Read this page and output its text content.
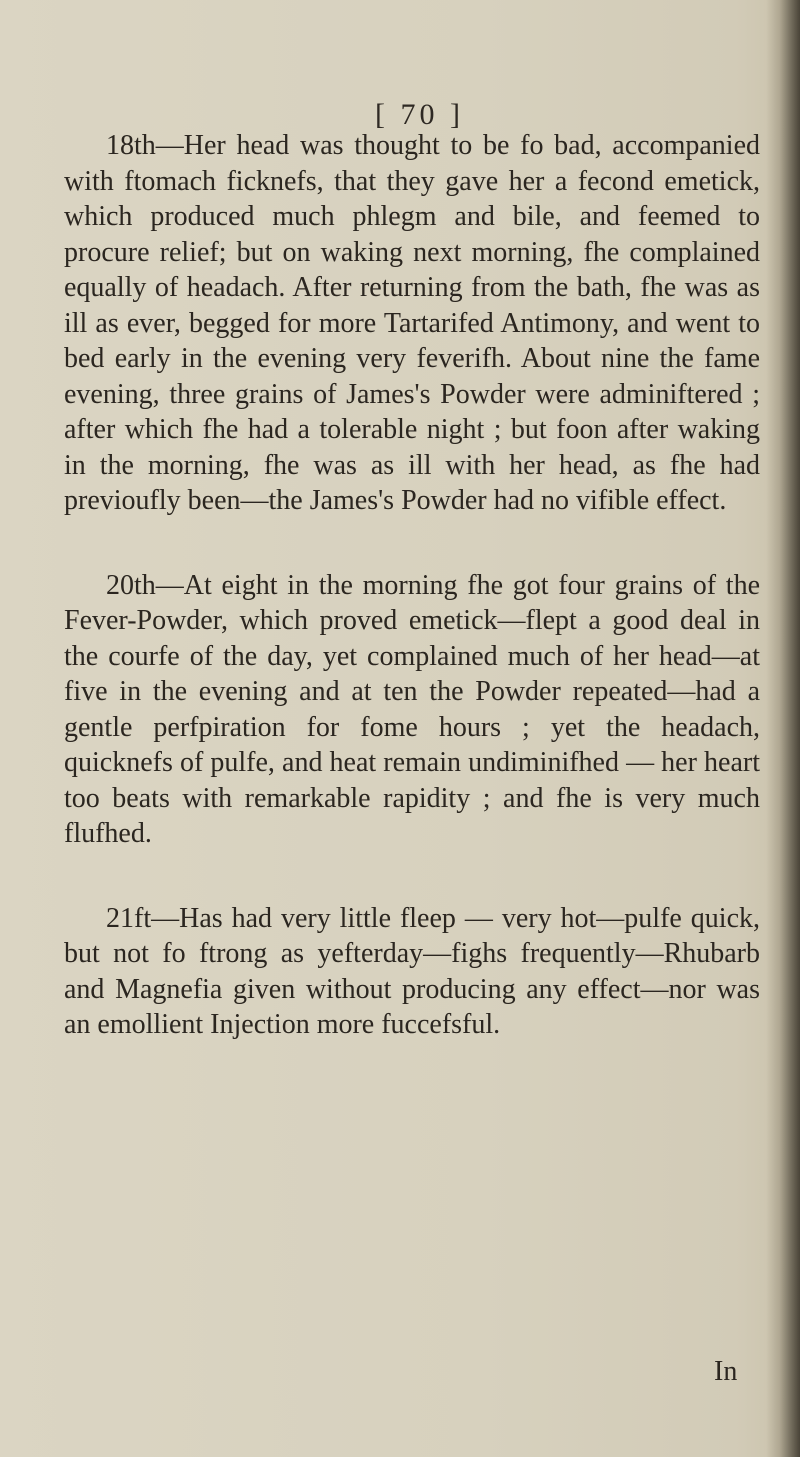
[ 70 ]

18th—Her head was thought to be fo bad, accompanied with ftomach ficknefs, that they gave her a fecond emetick, which produced much phlegm and bile, and feemed to procure relief; but on waking next morning, fhe complained equally of headach. After returning from the bath, fhe was as ill as ever, begged for more Tartarifed Antimony, and went to bed early in the evening very feverifh. About nine the fame evening, three grains of James's Powder were adminiftered ; after which fhe had a tolerable night ; but foon after waking in the morning, fhe was as ill with her head, as fhe had previoufly been—the James's Powder had no vifible effect.

20th—At eight in the morning fhe got four grains of the Fever-Powder, which proved emetick—flept a good deal in the courfe of the day, yet complained much of her head—at five in the evening and at ten the Powder repeated—had a gentle perfpiration for fome hours ; yet the headach, quicknefs of pulfe, and heat remain undiminifhed — her heart too beats with remarkable rapidity ; and fhe is very much flufhed.

21ft—Has had very little fleep — very hot—pulfe quick, but not fo ftrong as yefterday—fighs frequently—Rhubarb and Magnefia given without producing any effect—nor was an emollient Injection more fuccefsful.

In
